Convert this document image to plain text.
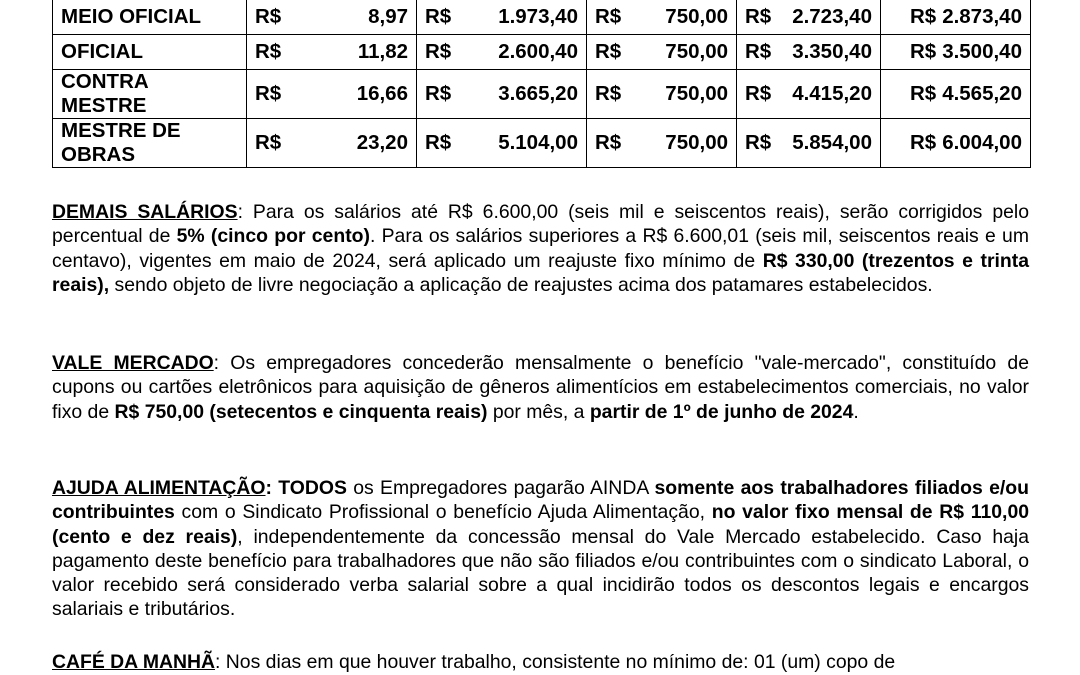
MEIO OFICIAL	R$ 8,97	R$ 1.973,40	R$ 750,00	R$ 2.723,40	R$ 2.873,40

OFICIAL	R$ 11,82	R$ 2.600,40	R$ 750,00	R$ 3.350,40	R$ 3.500,40

CONTRA MESTRE	R$ 16,66	R$ 3.665,20	R$ 750,00	R$ 4.415,20	R$ 4.565,20

MESTRE DE OBRAS	R$ 23,20	R$ 5.104,00	R$ 750,00	R$ 5.854,00	R$ 6.004,00

DEMAIS SALÁRIOS: Para os salários até R$ 6.600,00 (seis mil e seiscentos reais), serão corrigidos pelo percentual de 5% (cinco por cento). Para os salários superiores a R$ 6.600,01 (seis mil, seiscentos reais e um centavo), vigentes em maio de 2024, será aplicado um reajuste fixo mínimo de R$ 330,00 (trezentos e trinta reais), sendo objeto de livre negociação a aplicação de reajustes acima dos patamares estabelecidos.

VALE MERCADO: Os empregadores concederão mensalmente o benefício "vale-mercado", constituído de cupons ou cartões eletrônicos para aquisição de gêneros alimentícios em estabelecimentos comerciais, no valor fixo de R$ 750,00 (setecentos e cinquenta reais) por mês, a partir de 1º de junho de 2024.

AJUDA ALIMENTAÇÃO: TODOS os Empregadores pagarão AINDA somente aos trabalhadores filiados e/ou contribuintes com o Sindicato Profissional o benefício Ajuda Alimentação, no valor fixo mensal de R$ 110,00 (cento e dez reais), independentemente da concessão mensal do Vale Mercado estabelecido. Caso haja pagamento deste benefício para trabalhadores que não são filiados e/ou contribuintes com o sindicato Laboral, o valor recebido será considerado verba salarial sobre a qual incidirão todos os descontos legais e encargos salariais e tributários.

CAFÉ DA MANHÃ: Nos dias em que houver trabalho, consistente no mínimo de: 01 (um) copo de
